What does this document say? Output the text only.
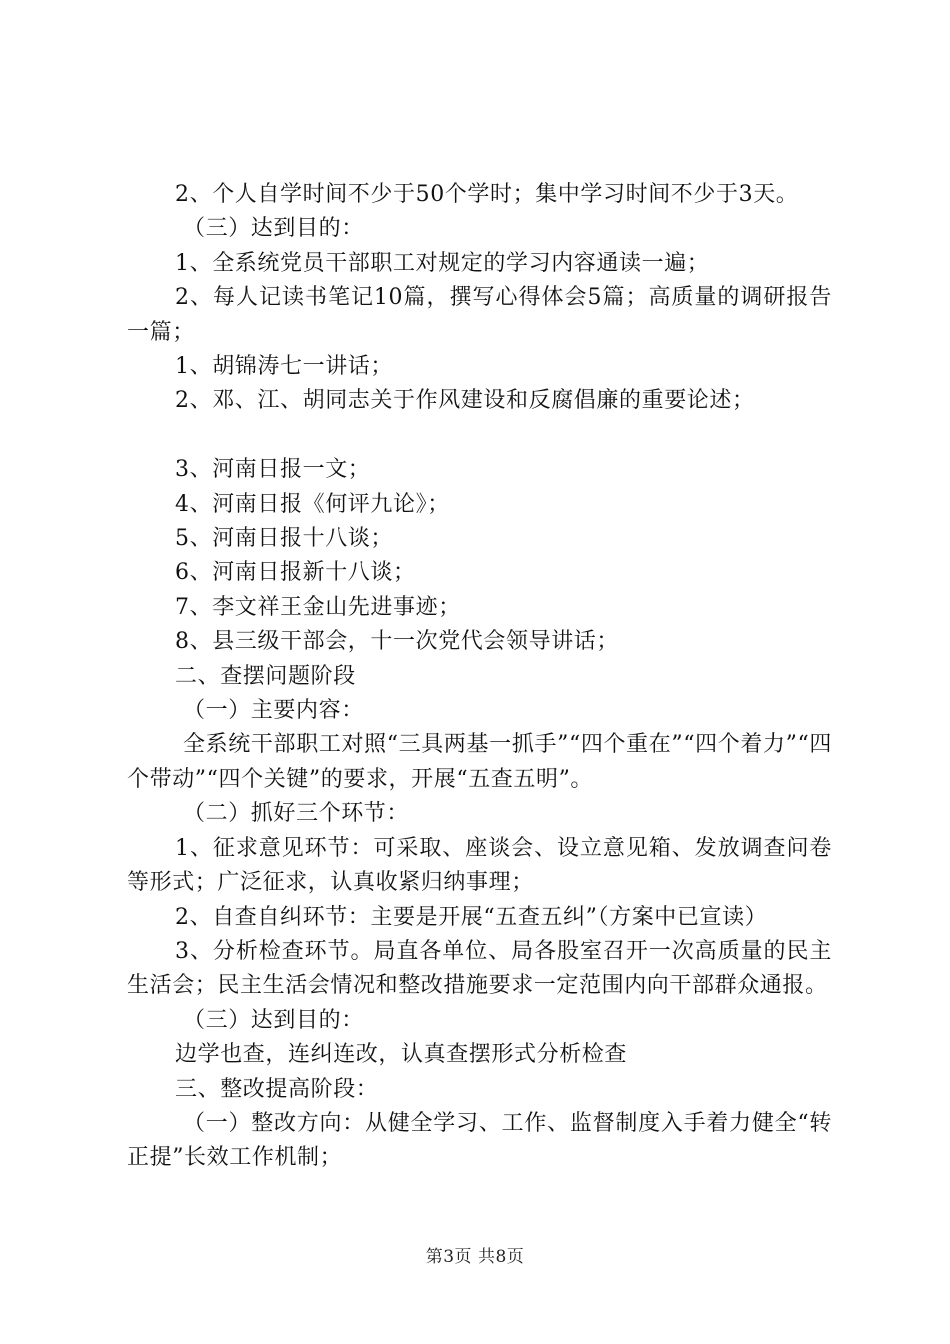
2、个人自学时间不少于50个学时；集中学习时间不少于3天。

（三）达到目的：

1、全系统党员干部职工对规定的学习内容通读一遍；

2、每人记读书笔记10篇，撰写心得体会5篇；高质量的调研报告一篇；

1、胡锦涛七一讲话；

2、邓、江、胡同志关于作风建设和反腐倡廉的重要论述；

3、河南日报一文；

4、河南日报《何评九论》；

5、河南日报十八谈；

6、河南日报新十八谈；

7、李文祥王金山先进事迹；

8、县三级干部会，十一次党代会领导讲话；

二、查摆问题阶段

（一）主要内容：

全系统干部职工对照“三具两基一抓手”“四个重在”“四个着力”“四个带动”“四个关键”的要求，开展“五查五明”。

（二）抓好三个环节：

1、征求意见环节：可采取、座谈会、设立意见箱、发放调查问卷等形式；广泛征求，认真收紧归纳事理；

2、自查自纠环节：主要是开展“五查五纠”（方案中已宣读）

3、分析检查环节。局直各单位、局各股室召开一次高质量的民主生活会；民主生活会情况和整改措施要求一定范围内向干部群众通报。

（三）达到目的：

边学也查，连纠连改，认真查摆形式分析检查

三、整改提高阶段：

（一）整改方向：从健全学习、工作、监督制度入手着力健全“转正提”长效工作机制；

第3页 共8页
